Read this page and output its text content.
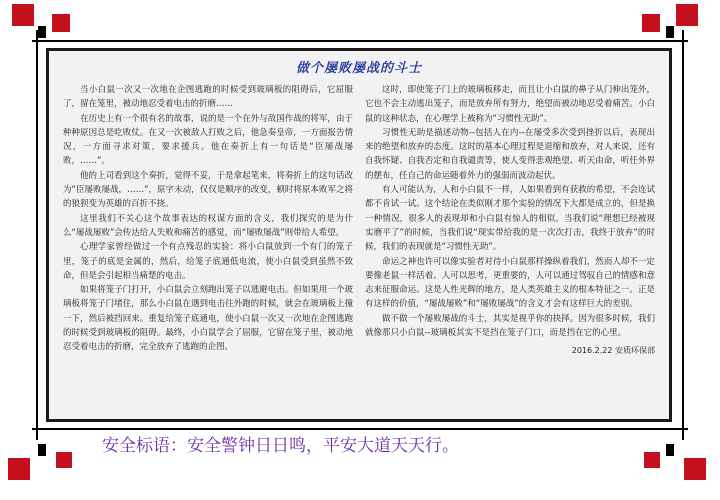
做个屡败屡战的斗士

当小白鼠一次又一次地在企图逃跑的时候受到玻璃板的阻碍后，它屈服了，留在笼里，被动地忍受着电击的折磨……

在历史上有一个很有名的故事，说的是一个在外与敌国作战的将军，由于种种原因总是吃败仗。在又一次被敌人打败之后，他急奏皇帝，一方面报告情况，一方面寻求对策，要求援兵。他在奏折上有一句话是“臣屡战屡败，……”。

他的上司看到这个奏折，觉得不妥，于是拿起笔来，将奏折上的这句话改为“臣屡败屡战，……”，原字未动，仅仅是顺序的改变，顿时将原本败军之将的狼狈变为英雄的百折不挠。

这里我们不关心这个故事表达的权谋方面的含义，我们探究的是为什么“屡战屡败”会传达给人失败和痛苦的感觉，而“屡败屡战”则带给人希望。

心理学家曾经做过一个有点残忍的实验：将小白鼠放到一个有门的笼子里，笼子的底是金属的，然后，给笼子底通低电流，使小白鼠受到虽然不致命，但是会引起相当痛楚的电击。

如果将笼子门打开，小白鼠会立刻跑出笼子以逃避电击。但如果用一个玻璃板将笼子门堵住，那么小白鼠在遇到电击往外跑的时候，就会在玻璃板上撞一下，然后被挡回来。重复给笼子底通电，使小白鼠一次又一次地在企图逃跑的时候受到玻璃板的阻碍。最终，小白鼠学会了屈服，它留在笼子里，被动地忍受着电击的折磨，完全放弃了逃跑的企图。

这时，即使笼子门上的玻璃板移走，而且让小白鼠的鼻子从门伸出笼外，它也不会主动逃出笼子，而是放弃所有努力，绝望而被动地忍受着痛苦。小白鼠的这种状态，在心理学上被称为“习惯性无助”。

习惯性无助是描述动物--包括人在内--在屡受多次受到挫折以后，表现出来的绝望和放弃的态度。这时的基本心理过程是退缩和放弃，对人来说，还有自我怀疑、自我否定和自我谴责等，使人变得悲观绝望、听天由命，听任外界的摆布，任自己的命运随着外力的强弱而波动起伏。

有人可能认为，人和小白鼠不一样，人如果看到有获救的希望，不会连试都不肯试一试。这个结论在类似刚才那个实验的情况下大都是成立的，但是换一种情况，很多人的表现却和小白鼠有惊人的相似。当我们说“理想已经被现实磨平了”的时候，当我们说“现实带给我的是一次次打击，我终于放弃”的时候，我们的表现就是“习惯性无助”。

命运之神也许可以像实验者对待小白鼠那样操纵着我们，然而人却不一定要像老鼠一样活着。人可以思考，更重要的，人可以通过驾驭自己的情感和意志来征服命运。这是人性光辉的地方，是人类英雄主义的根本特征之一。正是有这样的价值，“屡战屡败”和“屡败屡战”的含义才会有这样巨大的差别。

做不做一个屡败屡战的斗士，其实是视乎你的抉择。因为很多时候，我们就像那只小白鼠--玻璃板其实不是挡在笼子门口，而是挡在它的心里。

2016.2.22 安质环保部

安全标语：安全警钟日日鸣，平安大道天天行。
